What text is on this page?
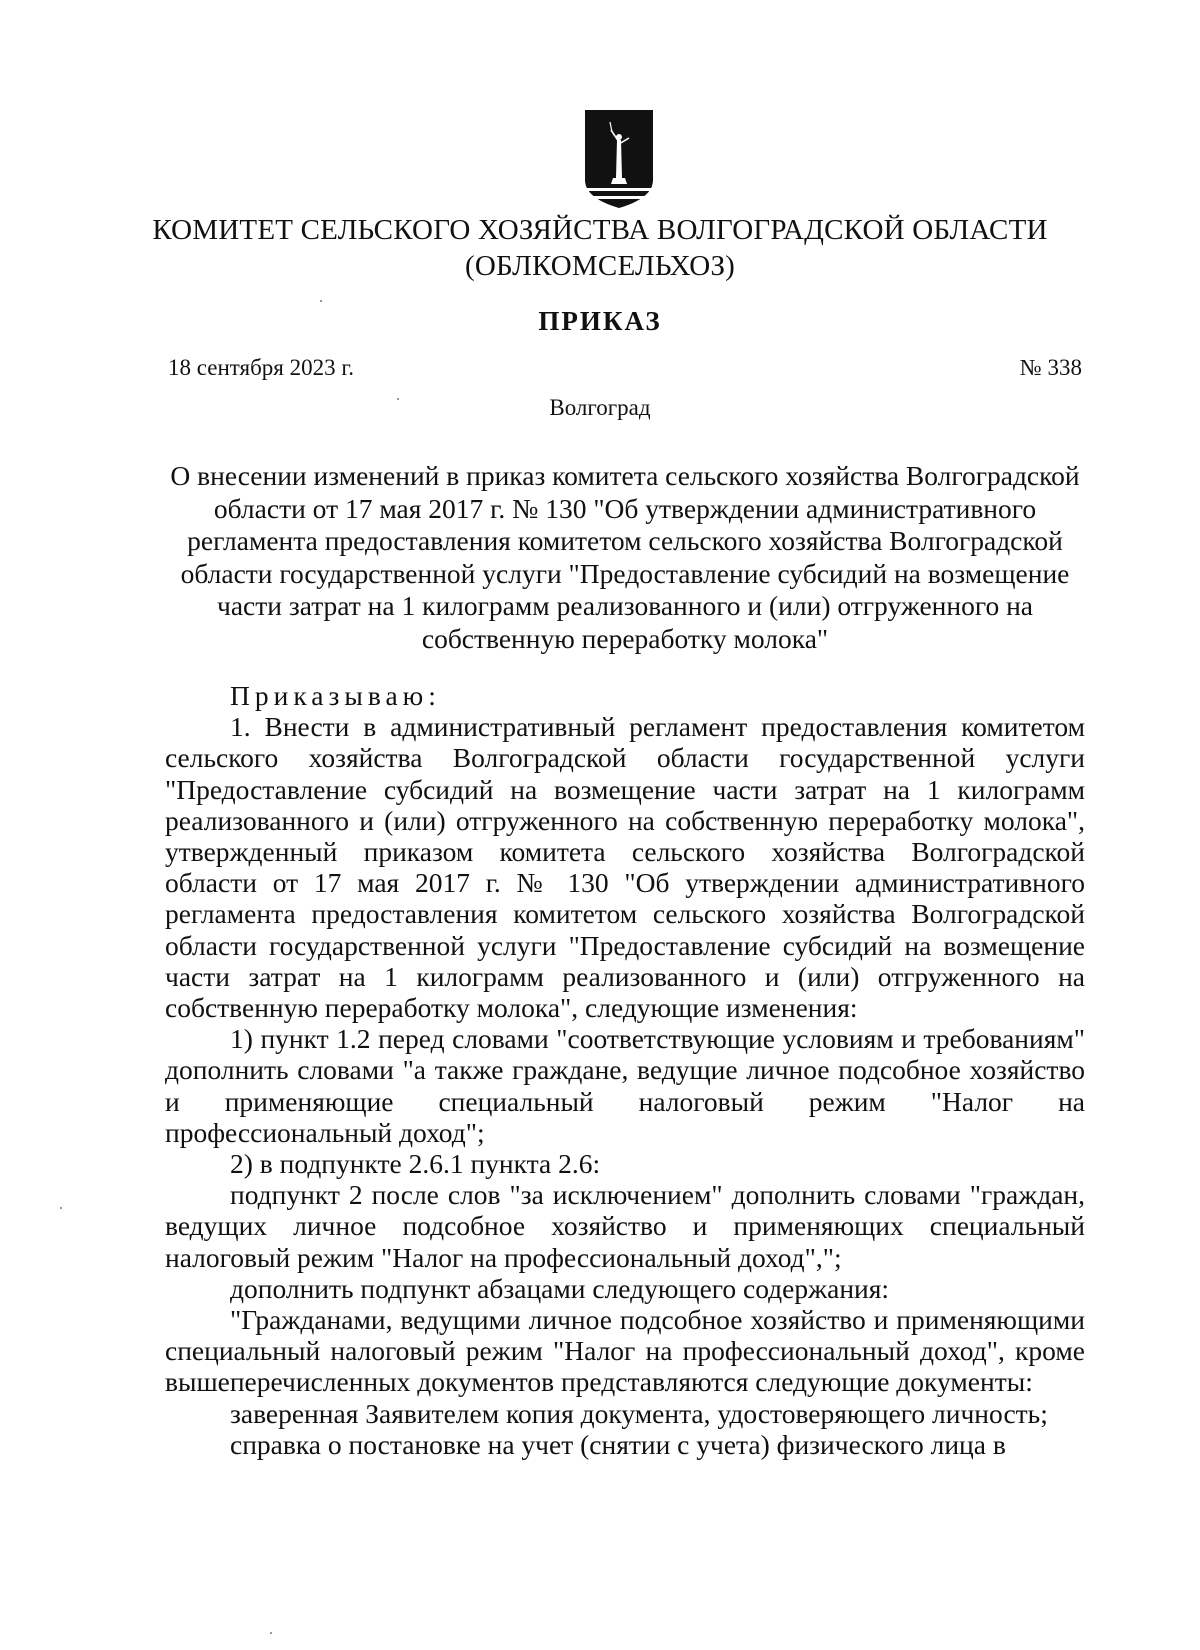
КОМИТЕТ СЕЛЬСКОГО ХОЗЯЙСТВА ВОЛГОГРАДСКОЙ ОБЛАСТИ
(ОБЛКОМСЕЛЬХОЗ)
ПРИКАЗ
18 сентября 2023 г.	№ 338
Волгоград
О внесении изменений в приказ комитета сельского хозяйства Волгоградской области от 17 мая 2017 г. № 130 "Об утверждении административного регламента предоставления комитетом сельского хозяйства Волгоградской области государственной услуги "Предоставление субсидий на возмещение части затрат на 1 килограмм реализованного и (или) отгруженного на собственную переработку молока"

Приказываю:

1. Внести в административный регламент предоставления комитетом сельского хозяйства Волгоградской области государственной услуги "Предоставление субсидий на возмещение части затрат на 1 килограмм реализованного и (или) отгруженного на собственную переработку молока", утвержденный приказом комитета сельского хозяйства Волгоградской области от 17 мая 2017 г. № 130 "Об утверждении административного регламента предоставления комитетом сельского хозяйства Волгоградской области государственной услуги "Предоставление субсидий на возмещение части затрат на 1 килограмм реализованного и (или) отгруженного на собственную переработку молока", следующие изменения:

1) пункт 1.2 перед словами "соответствующие условиям и требованиям" дополнить словами "а также граждане, ведущие личное подсобное хозяйство и применяющие специальный налоговый режим "Налог на профессиональный доход";

2) в подпункте 2.6.1 пункта 2.6:

подпункт 2 после слов "за исключением" дополнить словами "граждан, ведущих личное подсобное хозяйство и применяющих специальный налоговый режим "Налог на профессиональный доход",";

дополнить подпункт абзацами следующего содержания:

"Гражданами, ведущими личное подсобное хозяйство и применяющими специальный налоговый режим "Налог на профессиональный доход", кроме вышеперечисленных документов представляются следующие документы:

заверенная Заявителем копия документа, удостоверяющего личность;

справка о постановке на учет (снятии с учета) физического лица в
